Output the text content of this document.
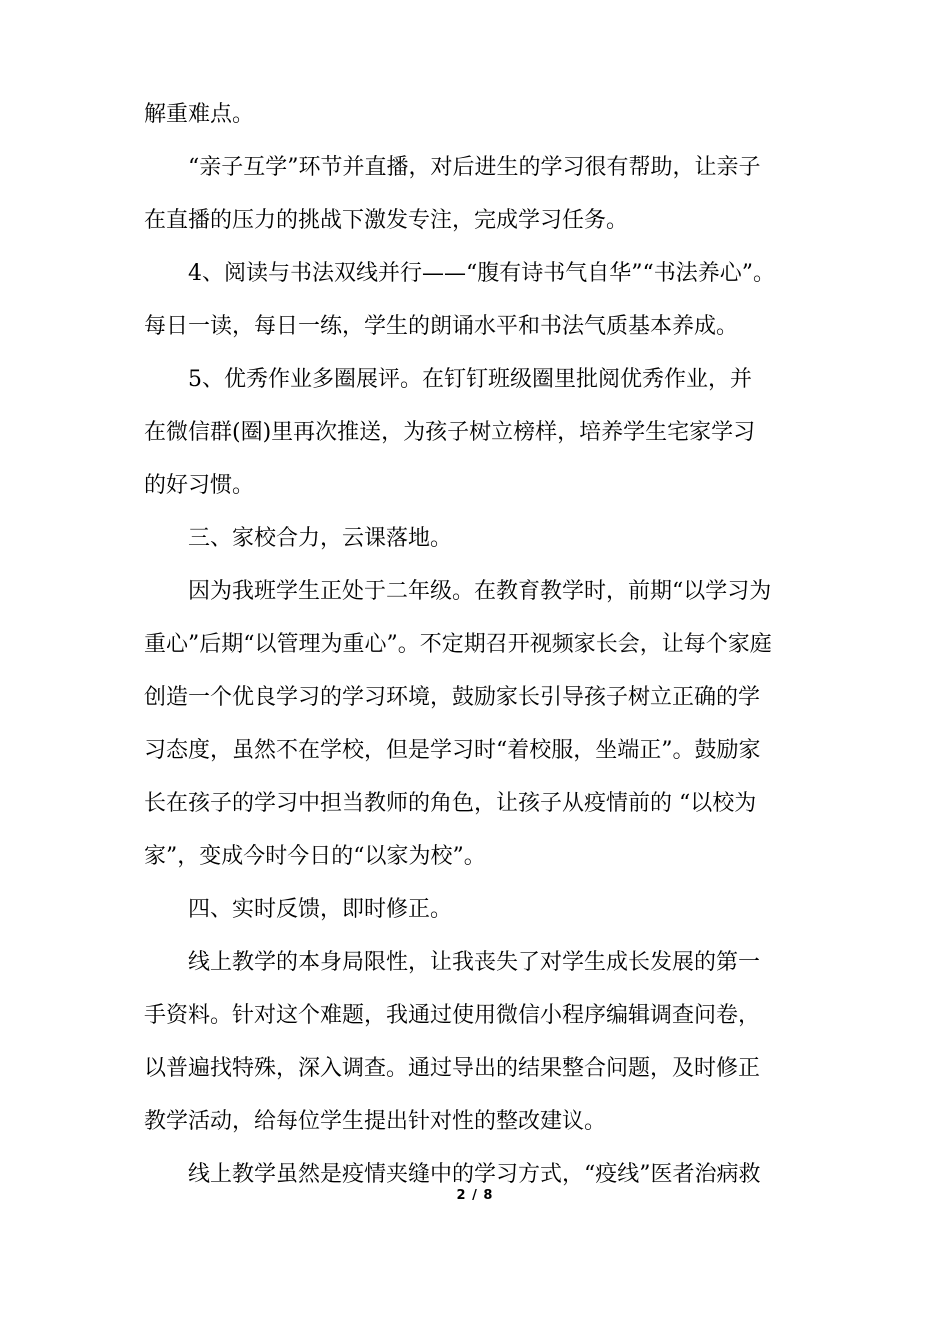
解重难点。
“亲子互学”环节并直播，对后进生的学习很有帮助，让亲子
在直播的压力的挑战下激发专注，完成学习任务。
4、阅读与书法双线并行——“腹有诗书气自华”“书法养心”。
每日一读，每日一练，学生的朗诵水平和书法气质基本养成。
5、优秀作业多圈展评。在钉钉班级圈里批阅优秀作业，并
在微信群(圈)里再次推送，为孩子树立榜样，培养学生宅家学习
的好习惯。
三、家校合力，云课落地。
因为我班学生正处于二年级。在教育教学时，前期“以学习为
重心”后期“以管理为重心”。不定期召开视频家长会，让每个家庭
创造一个优良学习的学习环境，鼓励家长引导孩子树立正确的学
习态度，虽然不在学校，但是学习时“着校服，坐端正”。鼓励家
长在孩子的学习中担当教师的角色，让孩子从疫情前的 “以校为
家”，变成今时今日的“以家为校”。
四、实时反馈，即时修正。
线上教学的本身局限性，让我丧失了对学生成长发展的第一
手资料。针对这个难题，我通过使用微信小程序编辑调查问卷，
以普遍找特殊，深入调查。通过导出的结果整合问题，及时修正
教学活动，给每位学生提出针对性的整改建议。
线上教学虽然是疫情夹缝中的学习方式，“疫线”医者治病救
2 / 8
